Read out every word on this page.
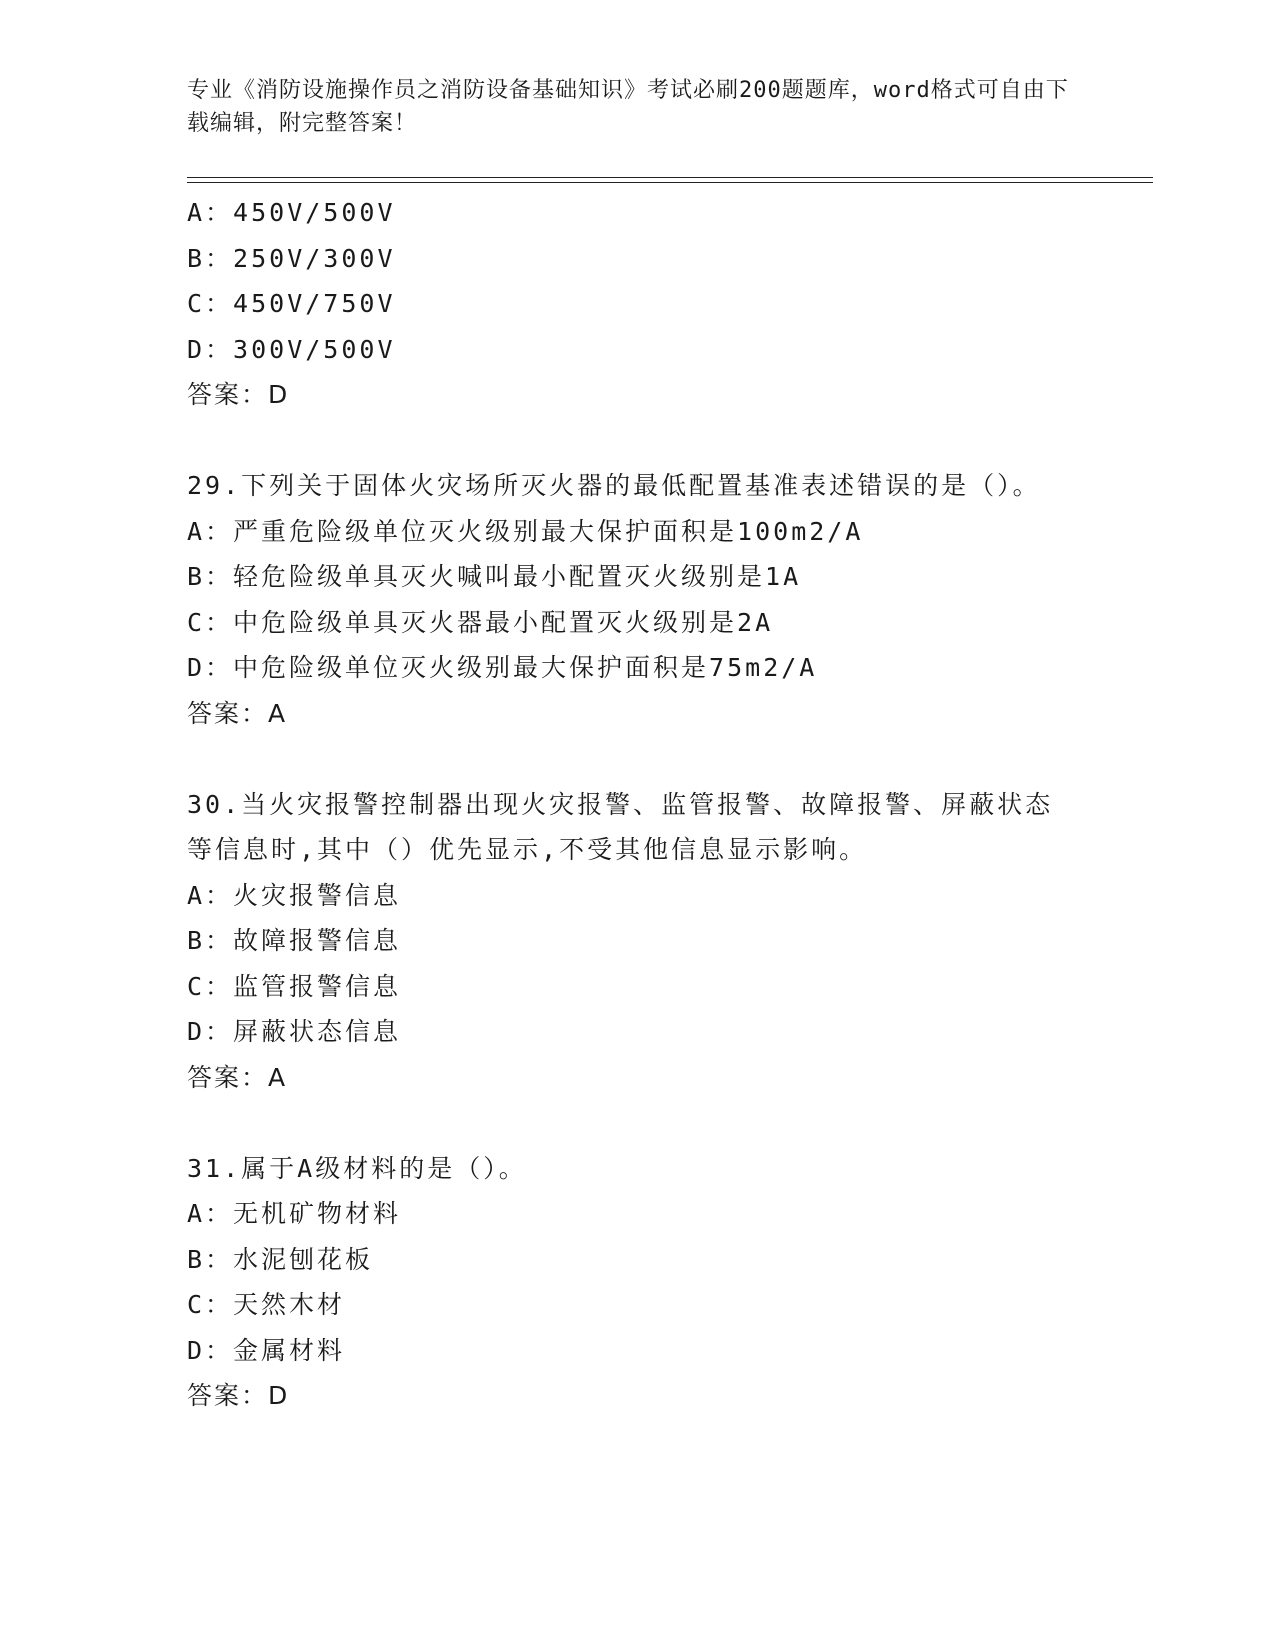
专业《消防设施操作员之消防设备基础知识》考试必刷200题题库，word格式可自由下载编辑，附完整答案！
A：450V/500V
B：250V/300V
C：450V/750V
D：300V/500V
答案：D
29.下列关于固体火灾场所灭火器的最低配置基准表述错误的是（）。
A：严重危险级单位灭火级别最大保护面积是100m2/A
B：轻危险级单具灭火喊叫最小配置灭火级别是1A
C：中危险级单具灭火器最小配置灭火级别是2A
D：中危险级单位灭火级别最大保护面积是75m2/A
答案：A
30.当火灾报警控制器出现火灾报警、监管报警、故障报警、屏蔽状态
等信息时,其中（）优先显示,不受其他信息显示影响。
A：火灾报警信息
B：故障报警信息
C：监管报警信息
D：屏蔽状态信息
答案：A
31.属于A级材料的是（）。
A：无机矿物材料
B：水泥刨花板
C：天然木材
D：金属材料
答案：D
